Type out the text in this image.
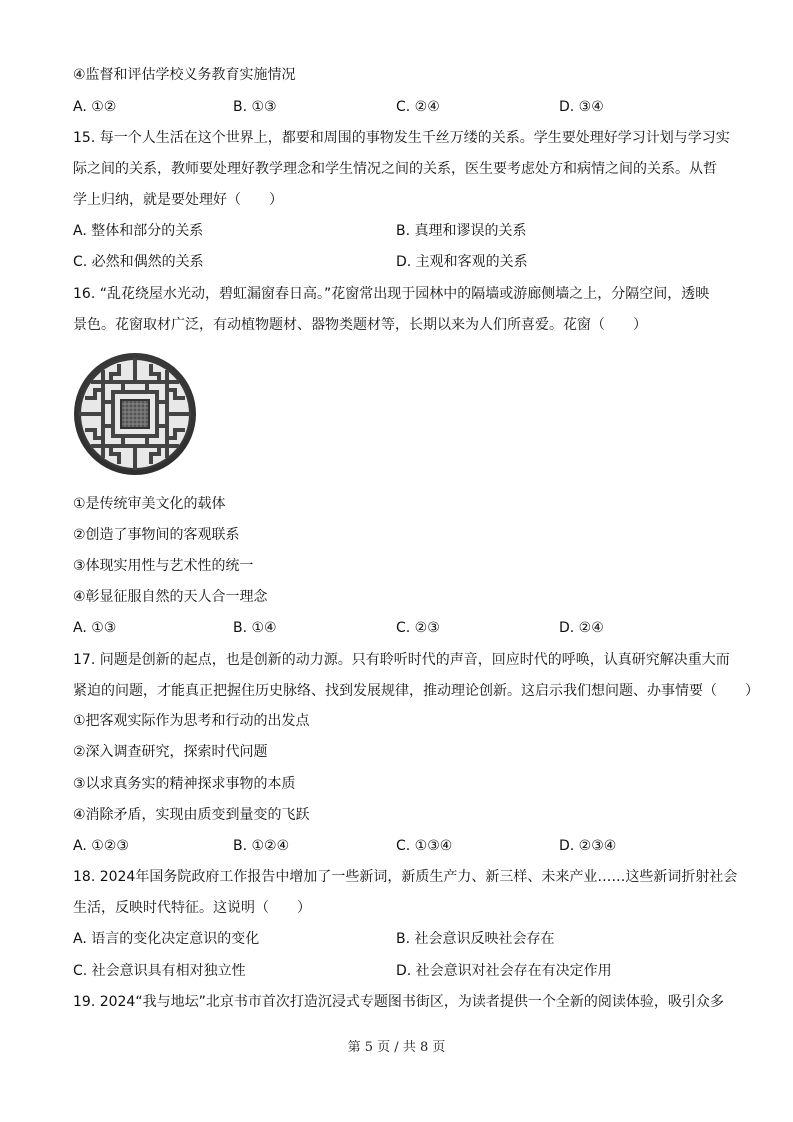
④监督和评估学校义务教育实施情况
A. ①②	B. ①③	C. ②④	D. ③④
15. 每一个人生活在这个世界上，都要和周围的事物发生千丝万缕的关系。学生要处理好学习计划与学习实
际之间的关系，教师要处理好教学理念和学生情况之间的关系，医生要考虑处方和病情之间的关系。从哲
学上归纳，就是要处理好（　　）
A. 整体和部分的关系	B. 真理和谬误的关系
C. 必然和偶然的关系	D. 主观和客观的关系
16. “乱花绕屋水光动，碧虹漏窗春日高。”花窗常出现于园林中的隔墙或游廊侧墙之上，分隔空间，透映
景色。花窗取材广泛，有动植物题材、器物类题材等，长期以来为人们所喜爱。花窗（　　）
①是传统审美文化的载体
②创造了事物间的客观联系
③体现实用性与艺术性的统一
④彰显征服自然的天人合一理念
A. ①③	B. ①④	C. ②③	D. ②④
17. 问题是创新的起点，也是创新的动力源。只有聆听时代的声音，回应时代的呼唤，认真研究解决重大而
紧迫的问题，才能真正把握住历史脉络、找到发展规律，推动理论创新。这启示我们想问题、办事情要（　　）
①把客观实际作为思考和行动的出发点
②深入调查研究，探索时代问题
③以求真务实的精神探求事物的本质
④消除矛盾，实现由质变到量变的飞跃
A. ①②③	B. ①②④	C. ①③④	D. ②③④
18. 2024年国务院政府工作报告中增加了一些新词，新质生产力、新三样、未来产业……这些新词折射社会
生活，反映时代特征。这说明（　　）
A. 语言的变化决定意识的变化	B. 社会意识反映社会存在
C. 社会意识具有相对独立性	D. 社会意识对社会存在有决定作用
19. 2024“我与地坛”北京书市首次打造沉浸式专题图书街区，为读者提供一个全新的阅读体验，吸引众多
第 5 页 / 共 8 页
